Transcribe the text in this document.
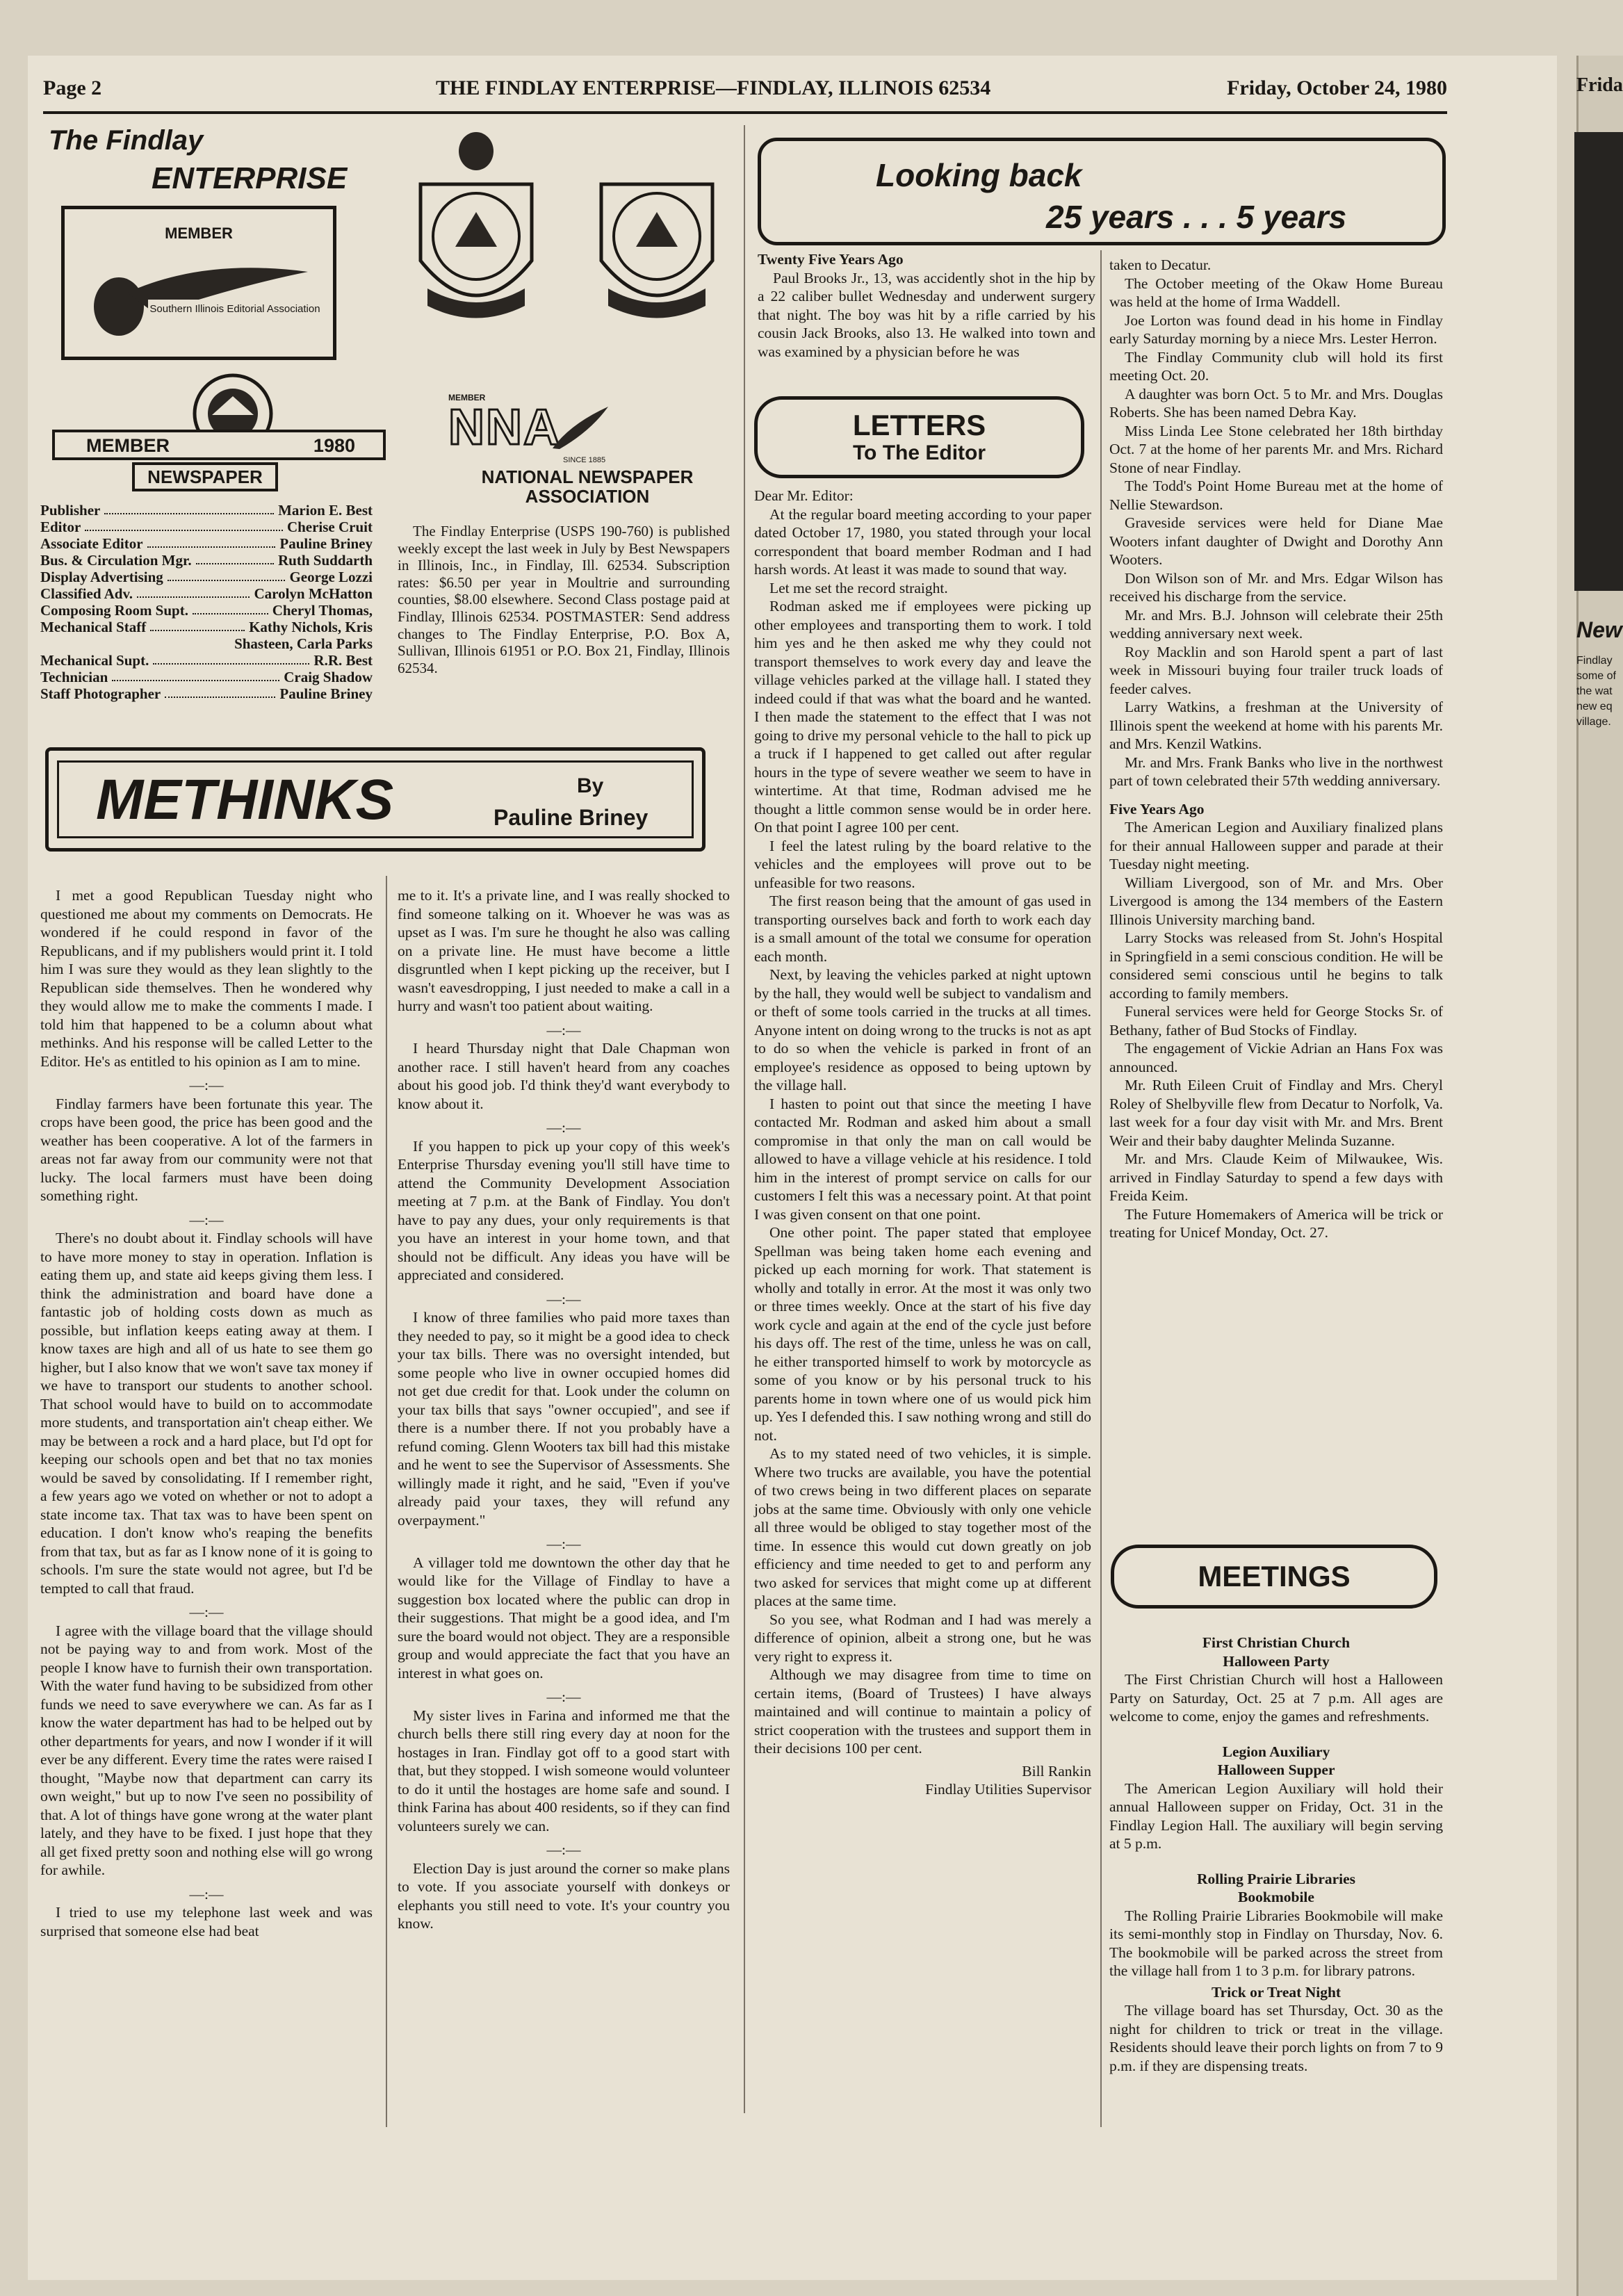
Frida
New
Findlay
some of
the wat
new eq
village.
Page 2	THE FINDLAY ENTERPRISE—FINDLAY, ILLINOIS 62534	Friday, October 24, 1980
The Findlay
ENTERPRISE
MEMBER
Southern Illinois Editorial Association
MEMBER	1980
NEWSPAPER
MEMBER
NNA
SINCE 1885
NATIONAL NEWSPAPER ASSOCIATION
Publisher	Marion E. Best
Editor	Cherise Cruit
Associate Editor	Pauline Briney
Bus. & Circulation Mgr.	Ruth Suddarth
Display Advertising	George Lozzi
Classified Adv.	Carolyn McHatton
Composing Room Supt.	Cheryl Thomas,
Mechanical Staff	Kathy Nichols, Kris
Shasteen, Carla Parks
Mechanical Supt.	R.R. Best
Technician	Craig Shadow
Staff Photographer	Pauline Briney

The Findlay Enterprise (USPS 190-760) is published weekly except the last week in July by Best Newspapers in Illinois, Inc., in Findlay, Ill. 62534. Subscription rates: $6.50 per year in Moultrie and surrounding counties, $8.00 elsewhere. Second Class postage paid at Findlay, Illinois 62534. POSTMASTER: Send address changes to The Findlay Enterprise, P.O. Box A, Sullivan, Illinois 61951 or P.O. Box 21, Findlay, Illinois 62534.

METHINKS	By
Pauline Briney

I met a good Republican Tuesday night who questioned me about my comments on Democrats. He wondered if he could respond in favor of the Republicans, and if my publishers would print it. I told him I was sure they would as they lean slightly to the Republican side themselves. Then he wondered why they would allow me to make the comments I made. I told him that happened to be a column about what methinks. And his response will be called Letter to the Editor. He's as entitled to his opinion as I am to mine.

—:—

Findlay farmers have been fortunate this year. The crops have been good, the price has been good and the weather has been cooperative. A lot of the farmers in areas not far away from our community were not that lucky. The local farmers must have been doing something right.

—:—

There's no doubt about it. Findlay schools will have to have more money to stay in operation. Inflation is eating them up, and state aid keeps giving them less. I think the administration and board have done a fantastic job of holding costs down as much as possible, but inflation keeps eating away at them. I know taxes are high and all of us hate to see them go higher, but I also know that we won't save tax money if we have to transport our students to another school. That school would have to build on to accommodate more students, and transportation ain't cheap either. We may be between a rock and a hard place, but I'd opt for keeping our schools open and bet that no tax monies would be saved by consolidating. If I remember right, a few years ago we voted on whether or not to adopt a state income tax. That tax was to have been spent on education. I don't know who's reaping the benefits from that tax, but as far as I know none of it is going to schools. I'm sure the state would not agree, but I'd be tempted to call that fraud.

—:—

I agree with the village board that the village should not be paying way to and from work. Most of the people I know have to furnish their own transportation. With the water fund having to be subsidized from other funds we need to save everywhere we can. As far as I know the water department has had to be helped out by other departments for years, and now I wonder if it will ever be any different. Every time the rates were raised I thought, "Maybe now that department can carry its own weight," but up to now I've seen no possibility of that. A lot of things have gone wrong at the water plant lately, and they have to be fixed. I just hope that they all get fixed pretty soon and nothing else will go wrong for awhile.

—:—

I tried to use my telephone last week and was surprised that someone else had beat

me to it. It's a private line, and I was really shocked to find someone talking on it. Whoever he was was as upset as I was. I'm sure he thought he also was calling on a private line. He must have become a little disgruntled when I kept picking up the receiver, but I wasn't eavesdropping, I just needed to make a call in a hurry and wasn't too patient about waiting.

—:—

I heard Thursday night that Dale Chapman won another race. I still haven't heard from any coaches about his good job. I'd think they'd want everybody to know about it.

—:—

If you happen to pick up your copy of this week's Enterprise Thursday evening you'll still have time to attend the Community Development Association meeting at 7 p.m. at the Bank of Findlay. You don't have to pay any dues, your only requirements is that you have an interest in your home town, and that should not be difficult. Any ideas you have will be appreciated and considered.

—:—

I know of three families who paid more taxes than they needed to pay, so it might be a good idea to check your tax bills. There was no oversight intended, but some people who live in owner occupied homes did not get due credit for that. Look under the column on your tax bills that says "owner occupied", and see if there is a number there. If not you probably have a refund coming. Glenn Wooters tax bill had this mistake and he went to see the Supervisor of Assessments. She willingly made it right, and he said, "Even if you've already paid your taxes, they will refund any overpayment."

—:—

A villager told me downtown the other day that he would like for the Village of Findlay to have a suggestion box located where the public can drop in their suggestions. That might be a good idea, and I'm sure the board would not object. They are a responsible group and would appreciate the fact that you have an interest in what goes on.

—:—

My sister lives in Farina and informed me that the church bells there still ring every day at noon for the hostages in Iran. Findlay got off to a good start with that, but they stopped. I wish someone would volunteer to do it until the hostages are home safe and sound. I think Farina has about 400 residents, so if they can find volunteers surely we can.

—:—

Election Day is just around the corner so make plans to vote. If you associate yourself with donkeys or elephants you still need to vote. It's your country you know.

Looking back
25 years . . . 5 years

Twenty Five Years Ago

Paul Brooks Jr., 13, was accidently shot in the hip by a 22 caliber bullet Wednesday and underwent surgery that night. The boy was hit by a rifle carried by his cousin Jack Brooks, also 13. He walked into town and was examined by a physician before he was

LETTERS
To The Editor

Dear Mr. Editor:

At the regular board meeting according to your paper dated October 17, 1980, you stated through your local correspondent that board member Rodman and I had harsh words. At least it was made to sound that way.

Let me set the record straight.

Rodman asked me if employees were picking up other employees and transporting them to work. I told him yes and he then asked me why they could not transport themselves to work every day and leave the village vehicles parked at the village hall. I stated they indeed could if that was what the board and he wanted. I then made the statement to the effect that I was not going to drive my personal vehicle to the hall to pick up a truck if I happened to get called out after regular hours in the type of severe weather we seem to have in wintertime. At that time, Rodman advised me he thought a little common sense would be in order here. On that point I agree 100 per cent.

I feel the latest ruling by the board relative to the vehicles and the employees will prove out to be unfeasible for two reasons.

The first reason being that the amount of gas used in transporting ourselves back and forth to work each day is a small amount of the total we consume for operation each month.

Next, by leaving the vehicles parked at night uptown by the hall, they would well be subject to vandalism and or theft of some tools carried in the trucks at all times. Anyone intent on doing wrong to the trucks is not as apt to do so when the vehicle is parked in front of an employee's residence as opposed to being uptown by the village hall.

I hasten to point out that since the meeting I have contacted Mr. Rodman and asked him about a small compromise in that only the man on call would be allowed to have a village vehicle at his residence. I told him in the interest of prompt service on calls for our customers I felt this was a necessary point. At that point I was given consent on that one point.

One other point. The paper stated that employee Spellman was being taken home each evening and picked up each morning for work. That statement is wholly and totally in error. At the most it was only two or three times weekly. Once at the start of his five day work cycle and again at the end of the cycle just before his days off. The rest of the time, unless he was on call, he either transported himself to work by motorcycle as some of you know or by his personal truck to his parents home in town where one of us would pick him up. Yes I defended this. I saw nothing wrong and still do not.

As to my stated need of two vehicles, it is simple. Where two trucks are available, you have the potential of two crews being in two different places on separate jobs at the same time. Obviously with only one vehicle all three would be obliged to stay together most of the time. In essence this would cut down greatly on job efficiency and time needed to get to and perform any two asked for services that might come up at different places at the same time.

So you see, what Rodman and I had was merely a difference of opinion, albeit a strong one, but he was very right to express it.

Although we may disagree from time to time on certain items, (Board of Trustees) I have always maintained and will continue to maintain a policy of strict cooperation with the trustees and support them in their decisions 100 per cent.

Bill Rankin

Findlay Utilities Supervisor

taken to Decatur.

The October meeting of the Okaw Home Bureau was held at the home of Irma Waddell.

Joe Lorton was found dead in his home in Findlay early Saturday morning by a niece Mrs. Lester Herron.

The Findlay Community club will hold its first meeting Oct. 20.

A daughter was born Oct. 5 to Mr. and Mrs. Douglas Roberts. She has been named Debra Kay.

Miss Linda Lee Stone celebrated her 18th birthday Oct. 7 at the home of her parents Mr. and Mrs. Richard Stone of near Findlay.

The Todd's Point Home Bureau met at the home of Nellie Stewardson.

Graveside services were held for Diane Mae Wooters infant daughter of Dwight and Dorothy Ann Wooters.

Don Wilson son of Mr. and Mrs. Edgar Wilson has received his discharge from the service.

Mr. and Mrs. B.J. Johnson will celebrate their 25th wedding anniversary next week.

Roy Macklin and son Harold spent a part of last week in Missouri buying four trailer truck loads of feeder calves.

Larry Watkins, a freshman at the University of Illinois spent the weekend at home with his parents Mr. and Mrs. Kenzil Watkins.

Mr. and Mrs. Frank Banks who live in the northwest part of town celebrated their 57th wedding anniversary.

Five Years Ago

The American Legion and Auxiliary finalized plans for their annual Halloween supper and parade at their Tuesday night meeting.

William Livergood, son of Mr. and Mrs. Ober Livergood is among the 134 members of the Eastern Illinois University marching band.

Larry Stocks was released from St. John's Hospital in Springfield in a semi conscious condition. He will be considered semi conscious until he begins to talk according to family members.

Funeral services were held for George Stocks Sr. of Bethany, father of Bud Stocks of Findlay.

The engagement of Vickie Adrian an Hans Fox was announced.

Mr. Ruth Eileen Cruit of Findlay and Mrs. Cheryl Roley of Shelbyville flew from Decatur to Norfolk, Va. last week for a four day visit with Mr. and Mrs. Brent Weir and their baby daughter Melinda Suzanne.

Mr. and Mrs. Claude Keim of Milwaukee, Wis. arrived in Findlay Saturday to spend a few days with Freida Keim.

The Future Homemakers of America will be trick or treating for Unicef Monday, Oct. 27.

MEETINGS

First Christian Church

Halloween Party

The First Christian Church will host a Halloween Party on Saturday, Oct. 25 at 7 p.m. All ages are welcome to come, enjoy the games and refreshments.

Legion Auxiliary

Halloween Supper

The American Legion Auxiliary will hold their annual Halloween supper on Friday, Oct. 31 in the Findlay Legion Hall. The auxiliary will begin serving at 5 p.m.

Rolling Prairie Libraries

Bookmobile

The Rolling Prairie Libraries Bookmobile will make its semi-monthly stop in Findlay on Thursday, Nov. 6. The bookmobile will be parked across the street from the village hall from 1 to 3 p.m. for library patrons.

Trick or Treat Night

The village board has set Thursday, Oct. 30 as the night for children to trick or treat in the village. Residents should leave their porch lights on from 7 to 9 p.m. if they are dispensing treats.
